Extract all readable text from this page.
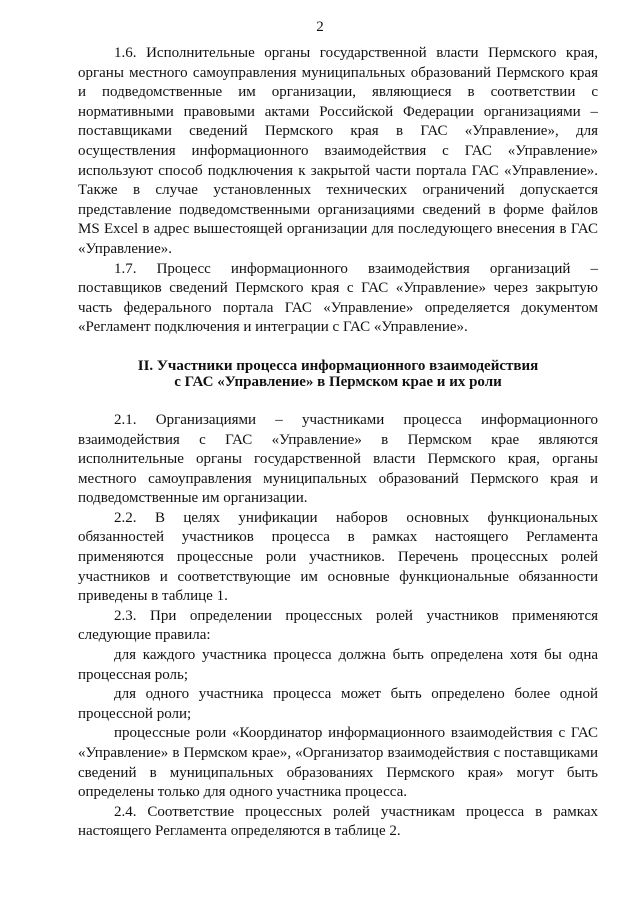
2

1.6. Исполнительные органы государственной власти Пермского края, органы местного самоуправления муниципальных образований Пермского края и подведомственные им организации, являющиеся в соответствии с нормативными правовыми актами Российской Федерации организациями – поставщиками сведений Пермского края в ГАС «Управление», для осуществления информационного взаимодействия с ГАС «Управление» используют способ подключения к закрытой части портала ГАС «Управление». Также в случае установленных технических ограничений допускается представление подведомственными организациями сведений в форме файлов MS Excel в адрес вышестоящей организации для последующего внесения в ГАС «Управление».

1.7. Процесс информационного взаимодействия организаций – поставщиков сведений Пермского края с ГАС «Управление» через закрытую часть федерального портала ГАС «Управление» определяется документом «Регламент подключения и интеграции с ГАС «Управление».

II. Участники процесса информационного взаимодействия
с ГАС «Управление» в Пермском крае и их роли

2.1. Организациями – участниками процесса информационного взаимодействия с ГАС «Управление» в Пермском крае являются исполнительные органы государственной власти Пермского края, органы местного самоуправления муниципальных образований Пермского края и подведомственные им организации.

2.2. В целях унификации наборов основных функциональных обязанностей участников процесса в рамках настоящего Регламента применяются процессные роли участников. Перечень процессных ролей участников и соответствующие им основные функциональные обязанности приведены в таблице 1.

2.3. При определении процессных ролей участников применяются следующие правила:

для каждого участника процесса должна быть определена хотя бы одна процессная роль;

для одного участника процесса может быть определено более одной процессной роли;

процессные роли «Координатор информационного взаимодействия с ГАС «Управление» в Пермском крае», «Организатор взаимодействия с поставщиками сведений в муниципальных образованиях Пермского края» могут быть определены только для одного участника процесса.

2.4. Соответствие процессных ролей участникам процесса в рамках настоящего Регламента определяются в таблице 2.
